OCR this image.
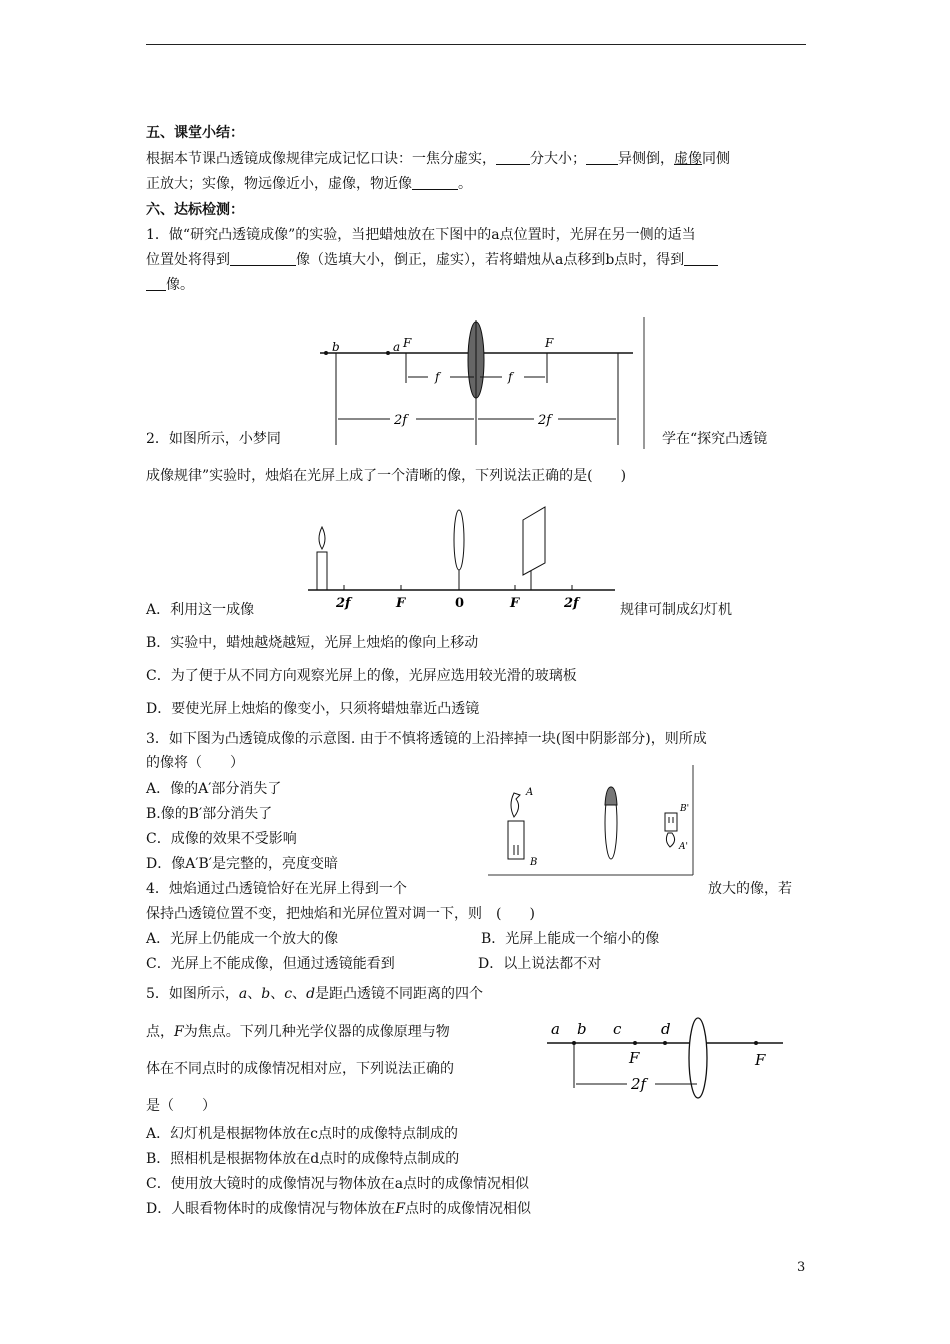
五、课堂小结：
根据本节课凸透镜成像规律完成记忆口诀：一焦分虚实， 分大小； 异侧倒，虚像同侧
正放大；实像，物远像近小，虚像，物近像	。
六、达标检测：
1．做“研究凸透镜成像”的实验，当把蜡烛放在下图中的a点位置时，光屏在另一侧的适当
位置处将得到	像（选填大小，倒正，虚实），若将蜡烛从a点移到b点时，得到
像。
b	a F	F
f	f
2f	2f
2．如图所示，小梦同	学在“探究凸透镜
成像规律”实验时，烛焰在光屏上成了一个清晰的像，下列说法正确的是(　　)
2f	F	0	F	2f
A．利用这一成像	规律可制成幻灯机
B．实验中，蜡烛越烧越短，光屏上烛焰的像向上移动
C．为了便于从不同方向观察光屏上的像，光屏应选用较光滑的玻璃板
D．要使光屏上烛焰的像变小，只须将蜡烛靠近凸透镜
3．如下图为凸透镜成像的示意图. 由于不慎将透镜的上沿摔掉一块(图中阴影部分)，则所成
的像将（　　）
A．像的A′部分消失了
B.像的B′部分消失了
C．成像的效果不受影响
D．像A′B′是完整的，亮度变暗
A
B
B'
A'
4．烛焰通过凸透镜恰好在光屏上得到一个	放大的像，若
保持凸透镜位置不变，把烛焰和光屏位置对调一下，则　(　　)
A．光屏上仍能成一个放大的像	B．光屏上能成一个缩小的像
C．光屏上不能成像，但通过透镜能看到	D．以上说法都不对
5．如图所示，a、b、c、d是距凸透镜不同距离的四个
点，F为焦点。下列几种光学仪器的成像原理与物
体在不同点时的成像情况相对应，下列说法正确的
是（　　）
a b c	d
F	F
2f
A．幻灯机是根据物体放在c点时的成像特点制成的
B．照相机是根据物体放在d点时的成像特点制成的
C．使用放大镜时的成像情况与物体放在a点时的成像情况相似
D．人眼看物体时的成像情况与物体放在F点时的成像情况相似
3
